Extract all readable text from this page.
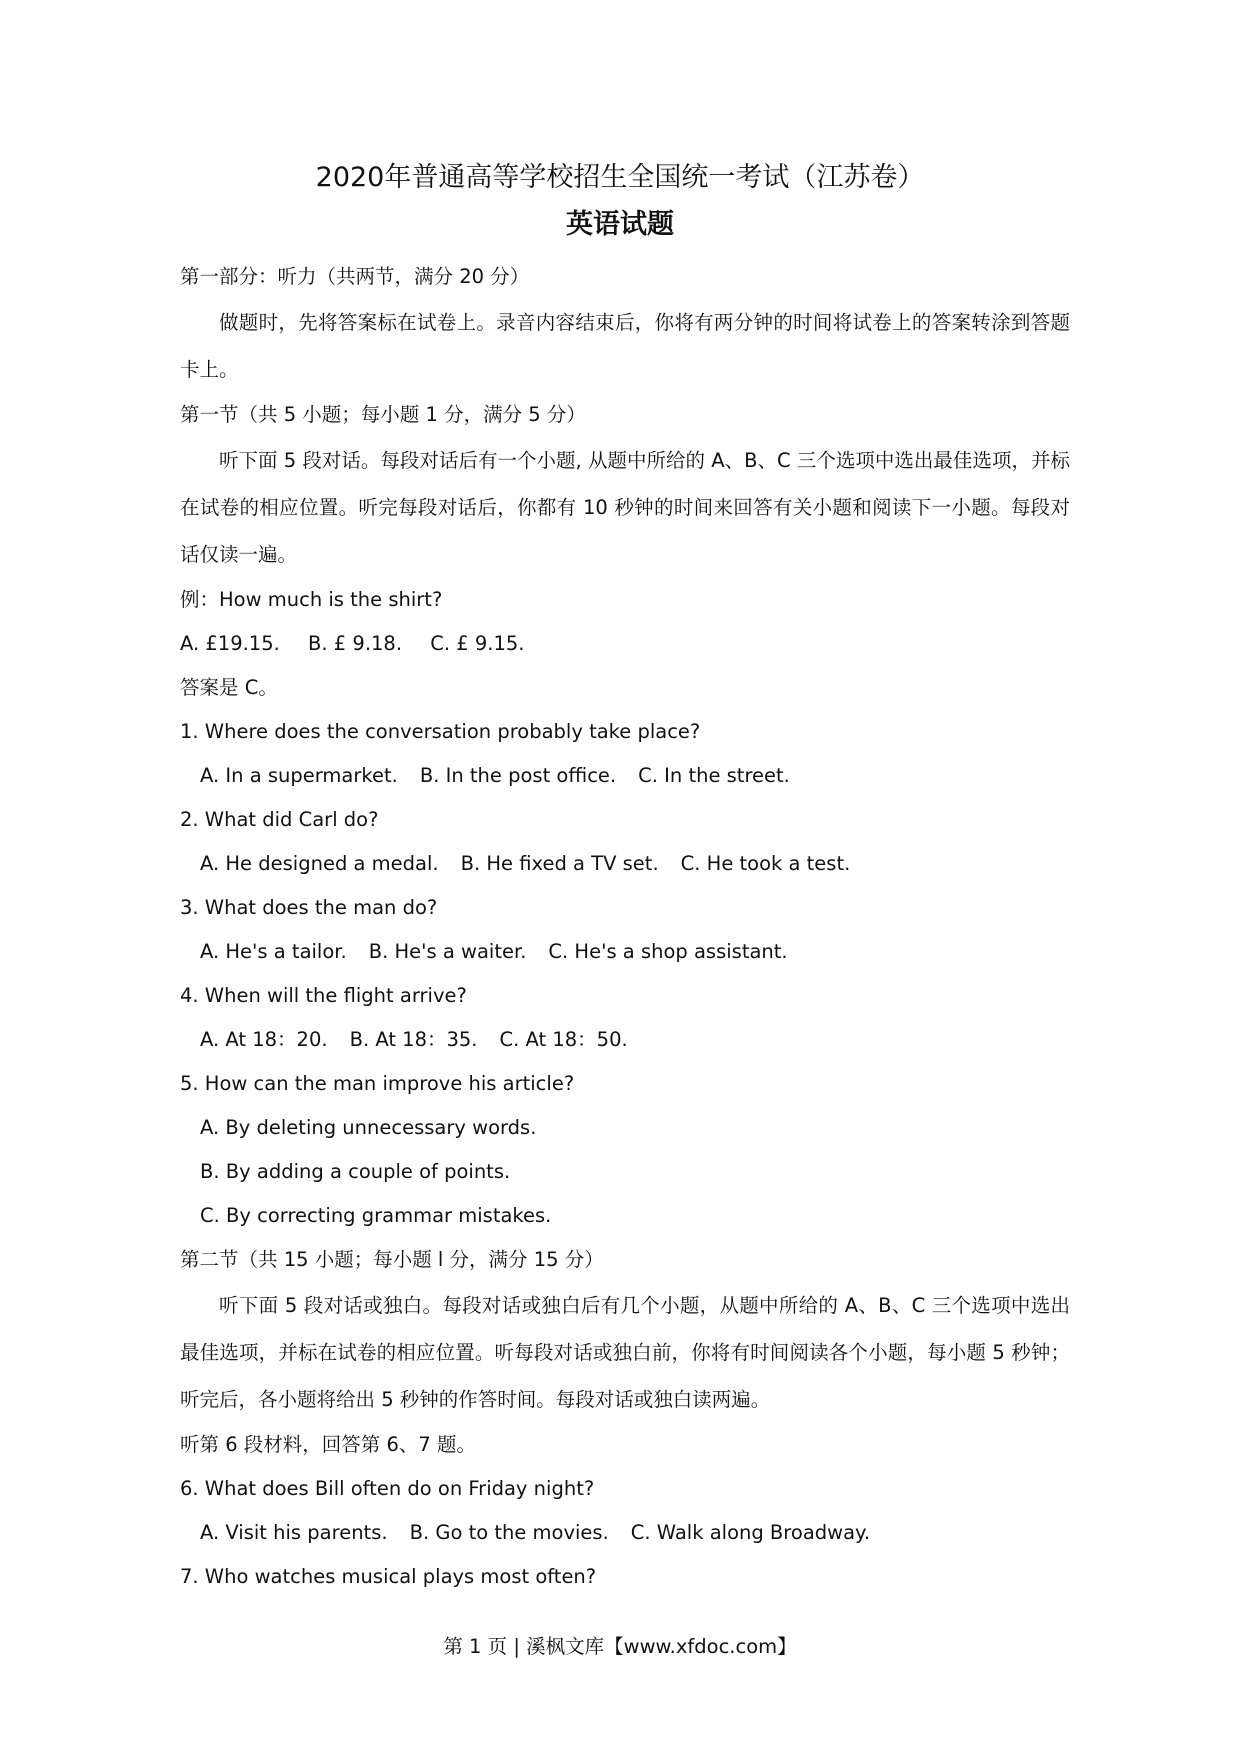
2020年普通高等学校招生全国统一考试（江苏卷）
英语试题

第一部分：听力（共两节，满分 20 分）

做题时，先将答案标在试卷上。录音内容结束后，你将有两分钟的时间将试卷上的答案转涂到答题卡上。

第一节（共 5 小题；每小题 1 分，满分 5 分）

听下面 5 段对话。每段对话后有一个小题, 从题中所给的 A、B、C 三个选项中选出最佳选项，并标在试卷的相应位置。听完每段对话后，你都有 10 秒钟的时间来回答有关小题和阅读下一小题。每段对话仅读一遍。

例：How much is the shirt?

A. £19.15. B. £ 9.18. C. £ 9.15.

答案是 C。

1. Where does the conversation probably take place?

A. In a supermarket. B. In the post office. C. In the street.

2. What did Carl do?

A. He designed a medal. B. He fixed a TV set. C. He took a test.

3. What does the man do?

A. He's a tailor. B. He's a waiter. C. He's a shop assistant.

4. When will the flight arrive?

A. At 18：20. B. At 18：35. C. At 18：50.

5. How can the man improve his article?

A. By deleting unnecessary words.

B. By adding a couple of points.

C. By correcting grammar mistakes.

第二节（共 15 小题；每小题 l 分，满分 15 分）

听下面 5 段对话或独白。每段对话或独白后有几个小题，从题中所给的 A、B、C 三个选项中选出最佳选项，并标在试卷的相应位置。听每段对话或独白前，你将有时间阅读各个小题，每小题 5 秒钟；听完后，各小题将给出 5 秒钟的作答时间。每段对话或独白读两遍。

听第 6 段材料，回答第 6、7 题。

6. What does Bill often do on Friday night?

A. Visit his parents. B. Go to the movies. C. Walk along Broadway.

7. Who watches musical plays most often?

第 1 页 | 溪枫文库【www.xfdoc.com】
